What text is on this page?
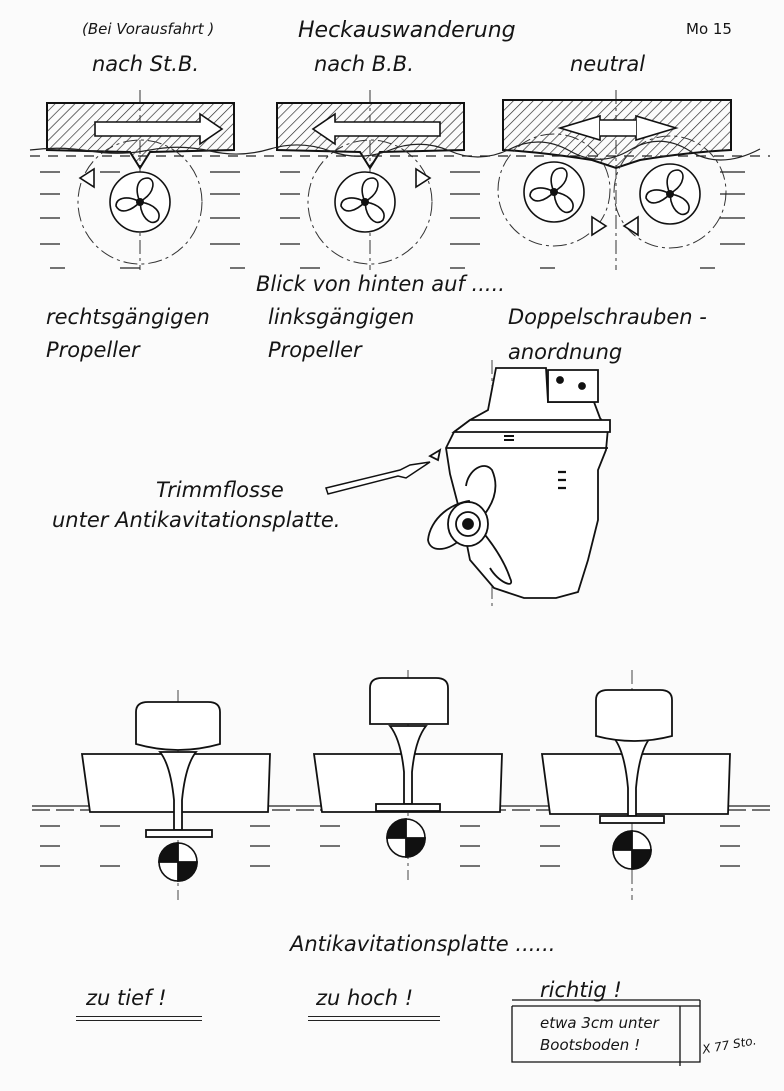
(Bei Vorausfahrt )	Heckauswanderung	Mo 15
nach St.B.	nach B.B.	neutral
Blick von hinten auf .....
rechtsgängigen
Propeller
linksgängigen
Propeller
Doppelschrauben -
anordnung
Trimmflosse
unter Antikavitationsplatte.
Antikavitationsplatte ......
zu tief !	zu hoch !	richtig !
etwa 3cm unter
Bootsboden !	X 77 Sto.
